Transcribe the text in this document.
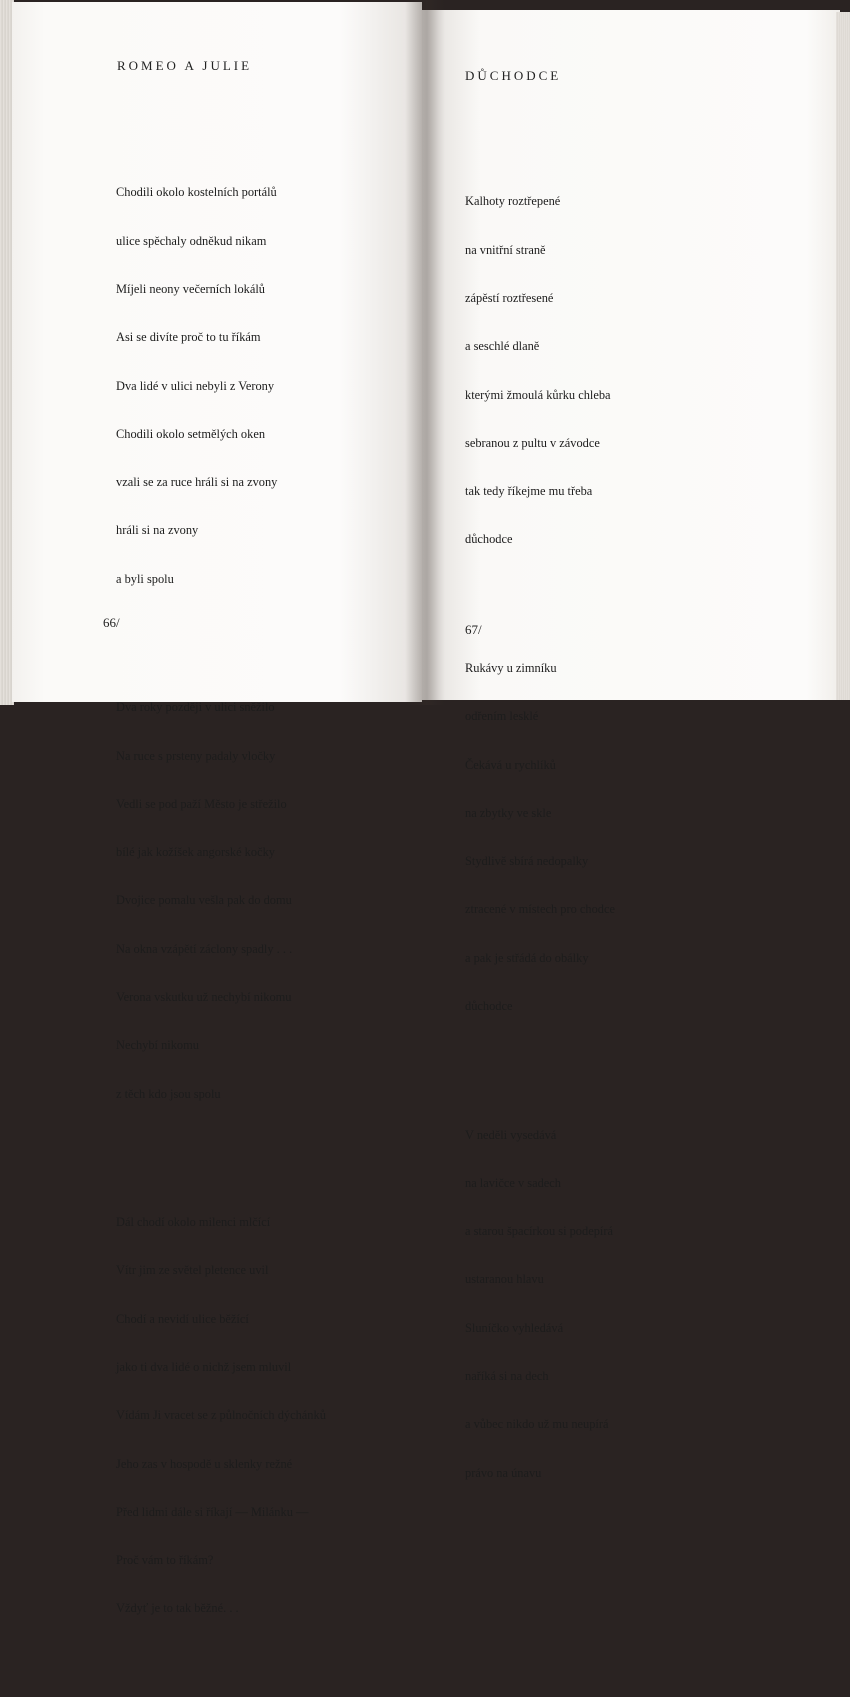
ROMEO A JULIE

Chodili okolo kostelních portálů

ulice spěchaly odněkud nikam

Míjeli neony večerních lokálů

Asi se divíte proč to tu říkám

Dva lidé v ulici nebyli z Verony

Chodili okolo setmělých oken

vzali se za ruce hráli si na zvony

hráli si na zvony

a byli spolu

Dva roky později v ulici sněžilo

Na ruce s prsteny padaly vločky

Vedli se pod paží Město je střežilo

bílé jak kožíšek angorské kočky

Dvojice pomalu vešla pak do domu

Na okna vzápětí záclony spadly . . .

Verona vskutku už nechybí nikomu

Nechybí nikomu

z těch kdo jsou spolu

Dál chodí okolo milenci mlčící

Vítr jim ze světel pletence uvil

Chodí a nevidí ulice běžící

jako ti dva lidé o nichž jsem mluvil

Vídám Ji vracet se z půlnočních dýchánků

Jeho zas v hospodě u sklenky režné

Před lidmi dále si říkají — Milánku —

Proč vám to říkám?

Vždyť je to tak běžné. . .

66/
DŮCHODCE

Kalhoty roztřepené

na vnitřní straně

zápěstí roztřesené

a seschlé dlaně

kterými žmoulá kůrku chleba

sebranou z pultu v závodce

tak tedy říkejme mu třeba

důchodce

Rukávy u zimníku

odřením lesklé

Čekává u rychlíků

na zbytky ve skle

Stydlivě sbírá nedopalky

ztracené v místech pro chodce

a pak je střádá do obálky

důchodce

V neděli vysedává

na lavičce v sadech

a starou špacírkou si podepírá

ustaranou hlavu

Sluníčko vyhledává

naříká si na dech

a vůbec nikdo už mu neupírá

právo na únavu

67/
